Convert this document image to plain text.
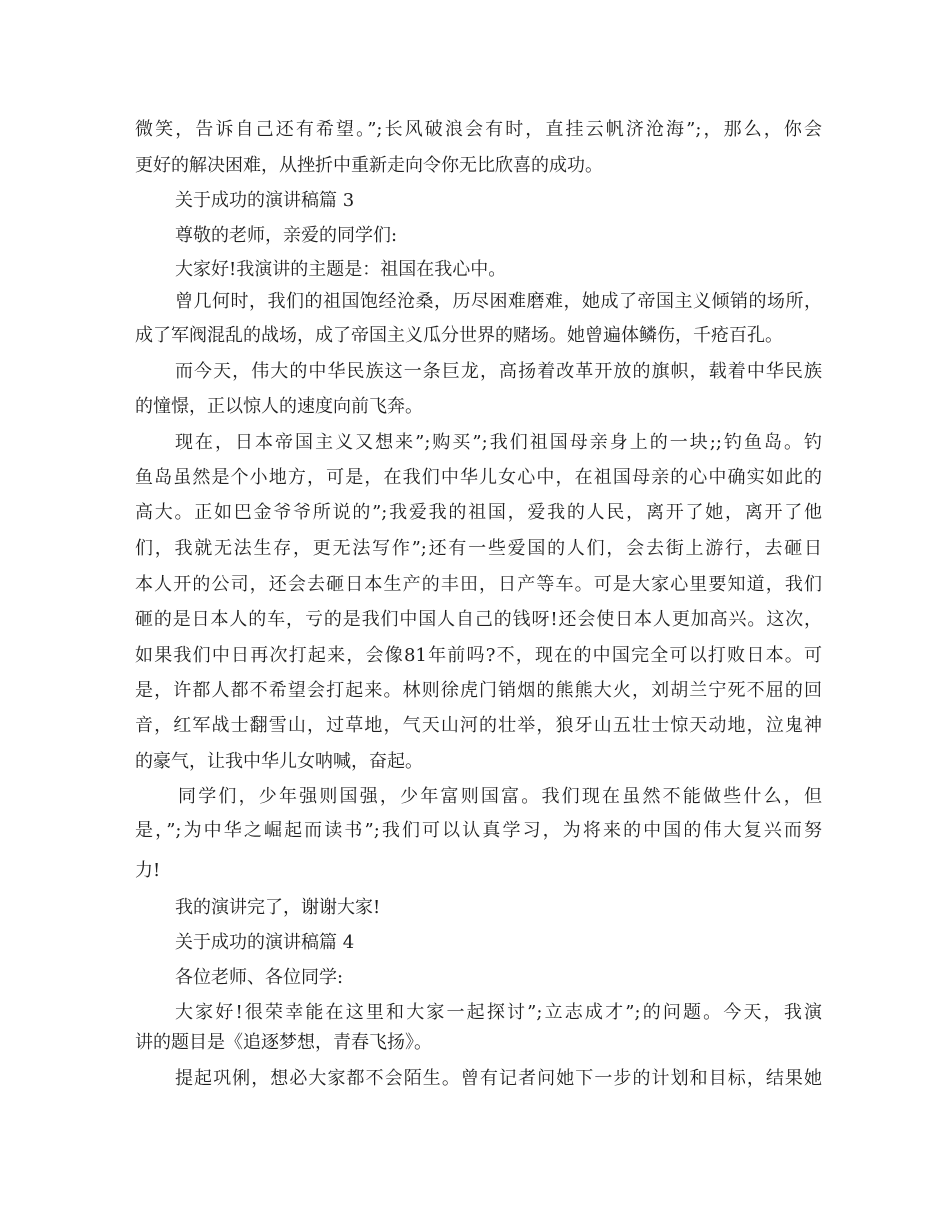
微笑，告诉自己还有希望。”;长风破浪会有时，直挂云帆济沧海”;，那么，你会
更好的解决困难，从挫折中重新走向令你无比欣喜的成功。
关于成功的演讲稿篇 3
尊敬的老师，亲爱的同学们:
大家好!我演讲的主题是：祖国在我心中。
曾几何时，我们的祖国饱经沧桑，历尽困难磨难，她成了帝国主义倾销的场所，
成了军阀混乱的战场，成了帝国主义瓜分世界的赌场。她曾遍体鳞伤，千疮百孔。
而今天，伟大的中华民族这一条巨龙，高扬着改革开放的旗帜，载着中华民族
的憧憬，正以惊人的速度向前飞奔。
现在，日本帝国主义又想来”;购买”;我们祖国母亲身上的一块;;钓鱼岛。钓
鱼岛虽然是个小地方，可是，在我们中华儿女心中，在祖国母亲的心中确实如此的
高大。正如巴金爷爷所说的”;我爱我的祖国，爱我的人民，离开了她，离开了他
们，我就无法生存，更无法写作”;还有一些爱国的人们，会去街上游行，去砸日
本人开的公司，还会去砸日本生产的丰田，日产等车。可是大家心里要知道，我们
砸的是日本人的车，亏的是我们中国人自己的钱呀!还会使日本人更加高兴。这次，
如果我们中日再次打起来，会像81年前吗?不，现在的中国完全可以打败日本。可
是，许都人都不希望会打起来。林则徐虎门销烟的熊熊大火，刘胡兰宁死不屈的回
音，红军战士翻雪山，过草地，气天山河的壮举，狼牙山五壮士惊天动地，泣鬼神
的豪气，让我中华儿女呐喊，奋起。
同学们，少年强则国强，少年富则国富。我们现在虽然不能做些什么，但
是，”;为中华之崛起而读书”;我们可以认真学习，为将来的中国的伟大复兴而努
力!
我的演讲完了，谢谢大家!
关于成功的演讲稿篇 4
各位老师、各位同学:
大家好!很荣幸能在这里和大家一起探讨”;立志成才”;的问题。今天，我演
讲的题目是《追逐梦想，青春飞扬》。
提起巩俐，想必大家都不会陌生。曾有记者问她下一步的计划和目标，结果她
